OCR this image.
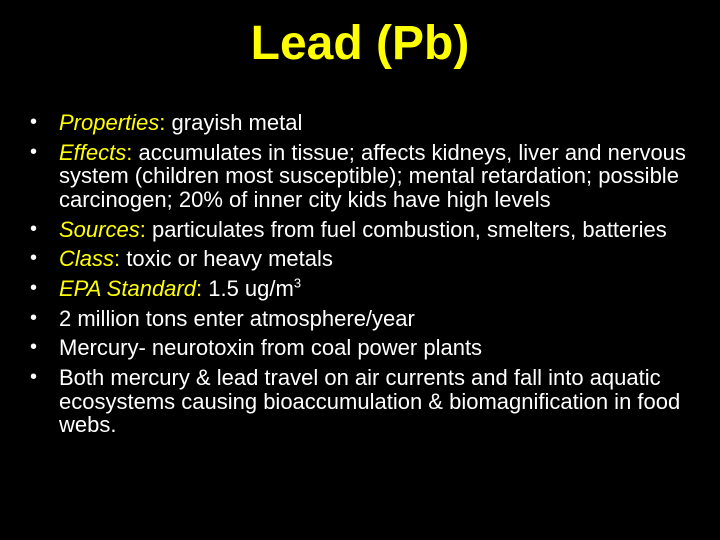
Lead (Pb)
• Properties: grayish metal
• Effects: accumulates in tissue; affects kidneys, liver and nervous system (children most susceptible); mental retardation; possible carcinogen; 20% of inner city kids have high levels
• Sources: particulates from fuel combustion, smelters, batteries
• Class: toxic or heavy metals
• EPA Standard: 1.5 $ug/m^3$
• 2 million tons enter atmosphere/year
• Mercury- neurotoxin from coal power plants
• Both mercury & lead travel on air currents and fall into aquatic ecosystems causing bioaccumulation & biomagnification in food webs.
